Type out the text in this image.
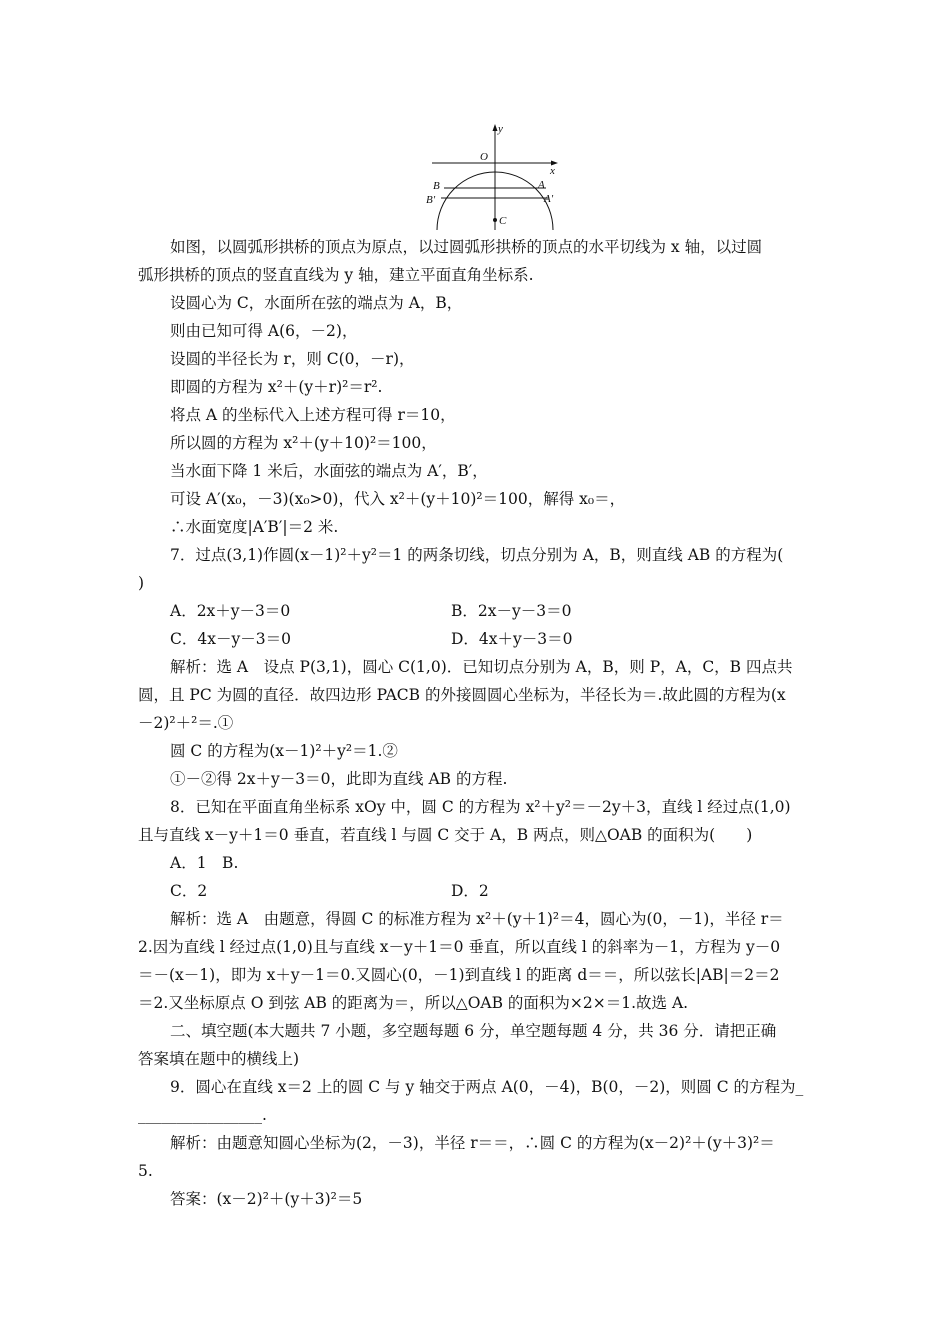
y
x
O
B	A
B′	A′
C
如图，以圆弧形拱桥的顶点为原点，以过圆弧形拱桥的顶点的水平切线为 x 轴，以过圆
弧形拱桥的顶点的竖直直线为 y 轴，建立平面直角坐标系.
设圆心为 C，水面所在弦的端点为 A，B，
则由已知可得 A(6，－2)，
设圆的半径长为 r，则 C(0，－r)，
即圆的方程为 x²＋(y＋r)²＝r².
将点 A 的坐标代入上述方程可得 r＝10，
所以圆的方程为 x²＋(y＋10)²＝100，
当水面下降 1 米后，水面弦的端点为 A′，B′，
可设 A′(x₀，－3)(x₀>0)，代入 x²＋(y＋10)²＝100，解得 x₀＝，
∴水面宽度|A′B′|＝2 米.
7．过点(3,1)作圆(x－1)²＋y²＝1 的两条切线，切点分别为 A，B，则直线 AB 的方程为(
)
A．2x＋y－3＝0	B．2x－y－3＝0
C．4x－y－3＝0	D．4x＋y－3＝0
解析：选 A　设点 P(3,1)，圆心 C(1,0)．已知切点分别为 A，B，则 P，A，C，B 四点共
圆，且 PC 为圆的直径．故四边形 PACB 的外接圆圆心坐标为，半径长为＝.故此圆的方程为(x
－2)²＋²＝.①
圆 C 的方程为(x－1)²＋y²＝1.②
①－②得 2x＋y－3＝0，此即为直线 AB 的方程.
8．已知在平面直角坐标系 xOy 中，圆 C 的方程为 x²＋y²＝－2y＋3，直线 l 经过点(1,0)
且与直线 x－y＋1＝0 垂直，若直线 l 与圆 C 交于 A，B 两点，则△OAB 的面积为(　　)
A．1　B.
C．2	D．2
解析：选 A　由题意，得圆 C 的标准方程为 x²＋(y＋1)²＝4，圆心为(0，－1)，半径 r＝
2.因为直线 l 经过点(1,0)且与直线 x－y＋1＝0 垂直，所以直线 l 的斜率为－1，方程为 y－0
＝－(x－1)，即为 x＋y－1＝0.又圆心(0，－1)到直线 l 的距离 d＝＝，所以弦长|AB|＝2＝2
＝2.又坐标原点 O 到弦 AB 的距离为＝，所以△OAB 的面积为×2×＝1.故选 A.
二、填空题(本大题共 7 小题，多空题每题 6 分，单空题每题 4 分，共 36 分．请把正确
答案填在题中的横线上)
9．圆心在直线 x＝2 上的圆 C 与 y 轴交于两点 A(0，－4)，B(0，－2)，则圆 C 的方程为_
________________.
解析：由题意知圆心坐标为(2，－3)，半径 r＝＝，∴圆 C 的方程为(x－2)²＋(y＋3)²＝
5.
答案：(x－2)²＋(y＋3)²＝5
